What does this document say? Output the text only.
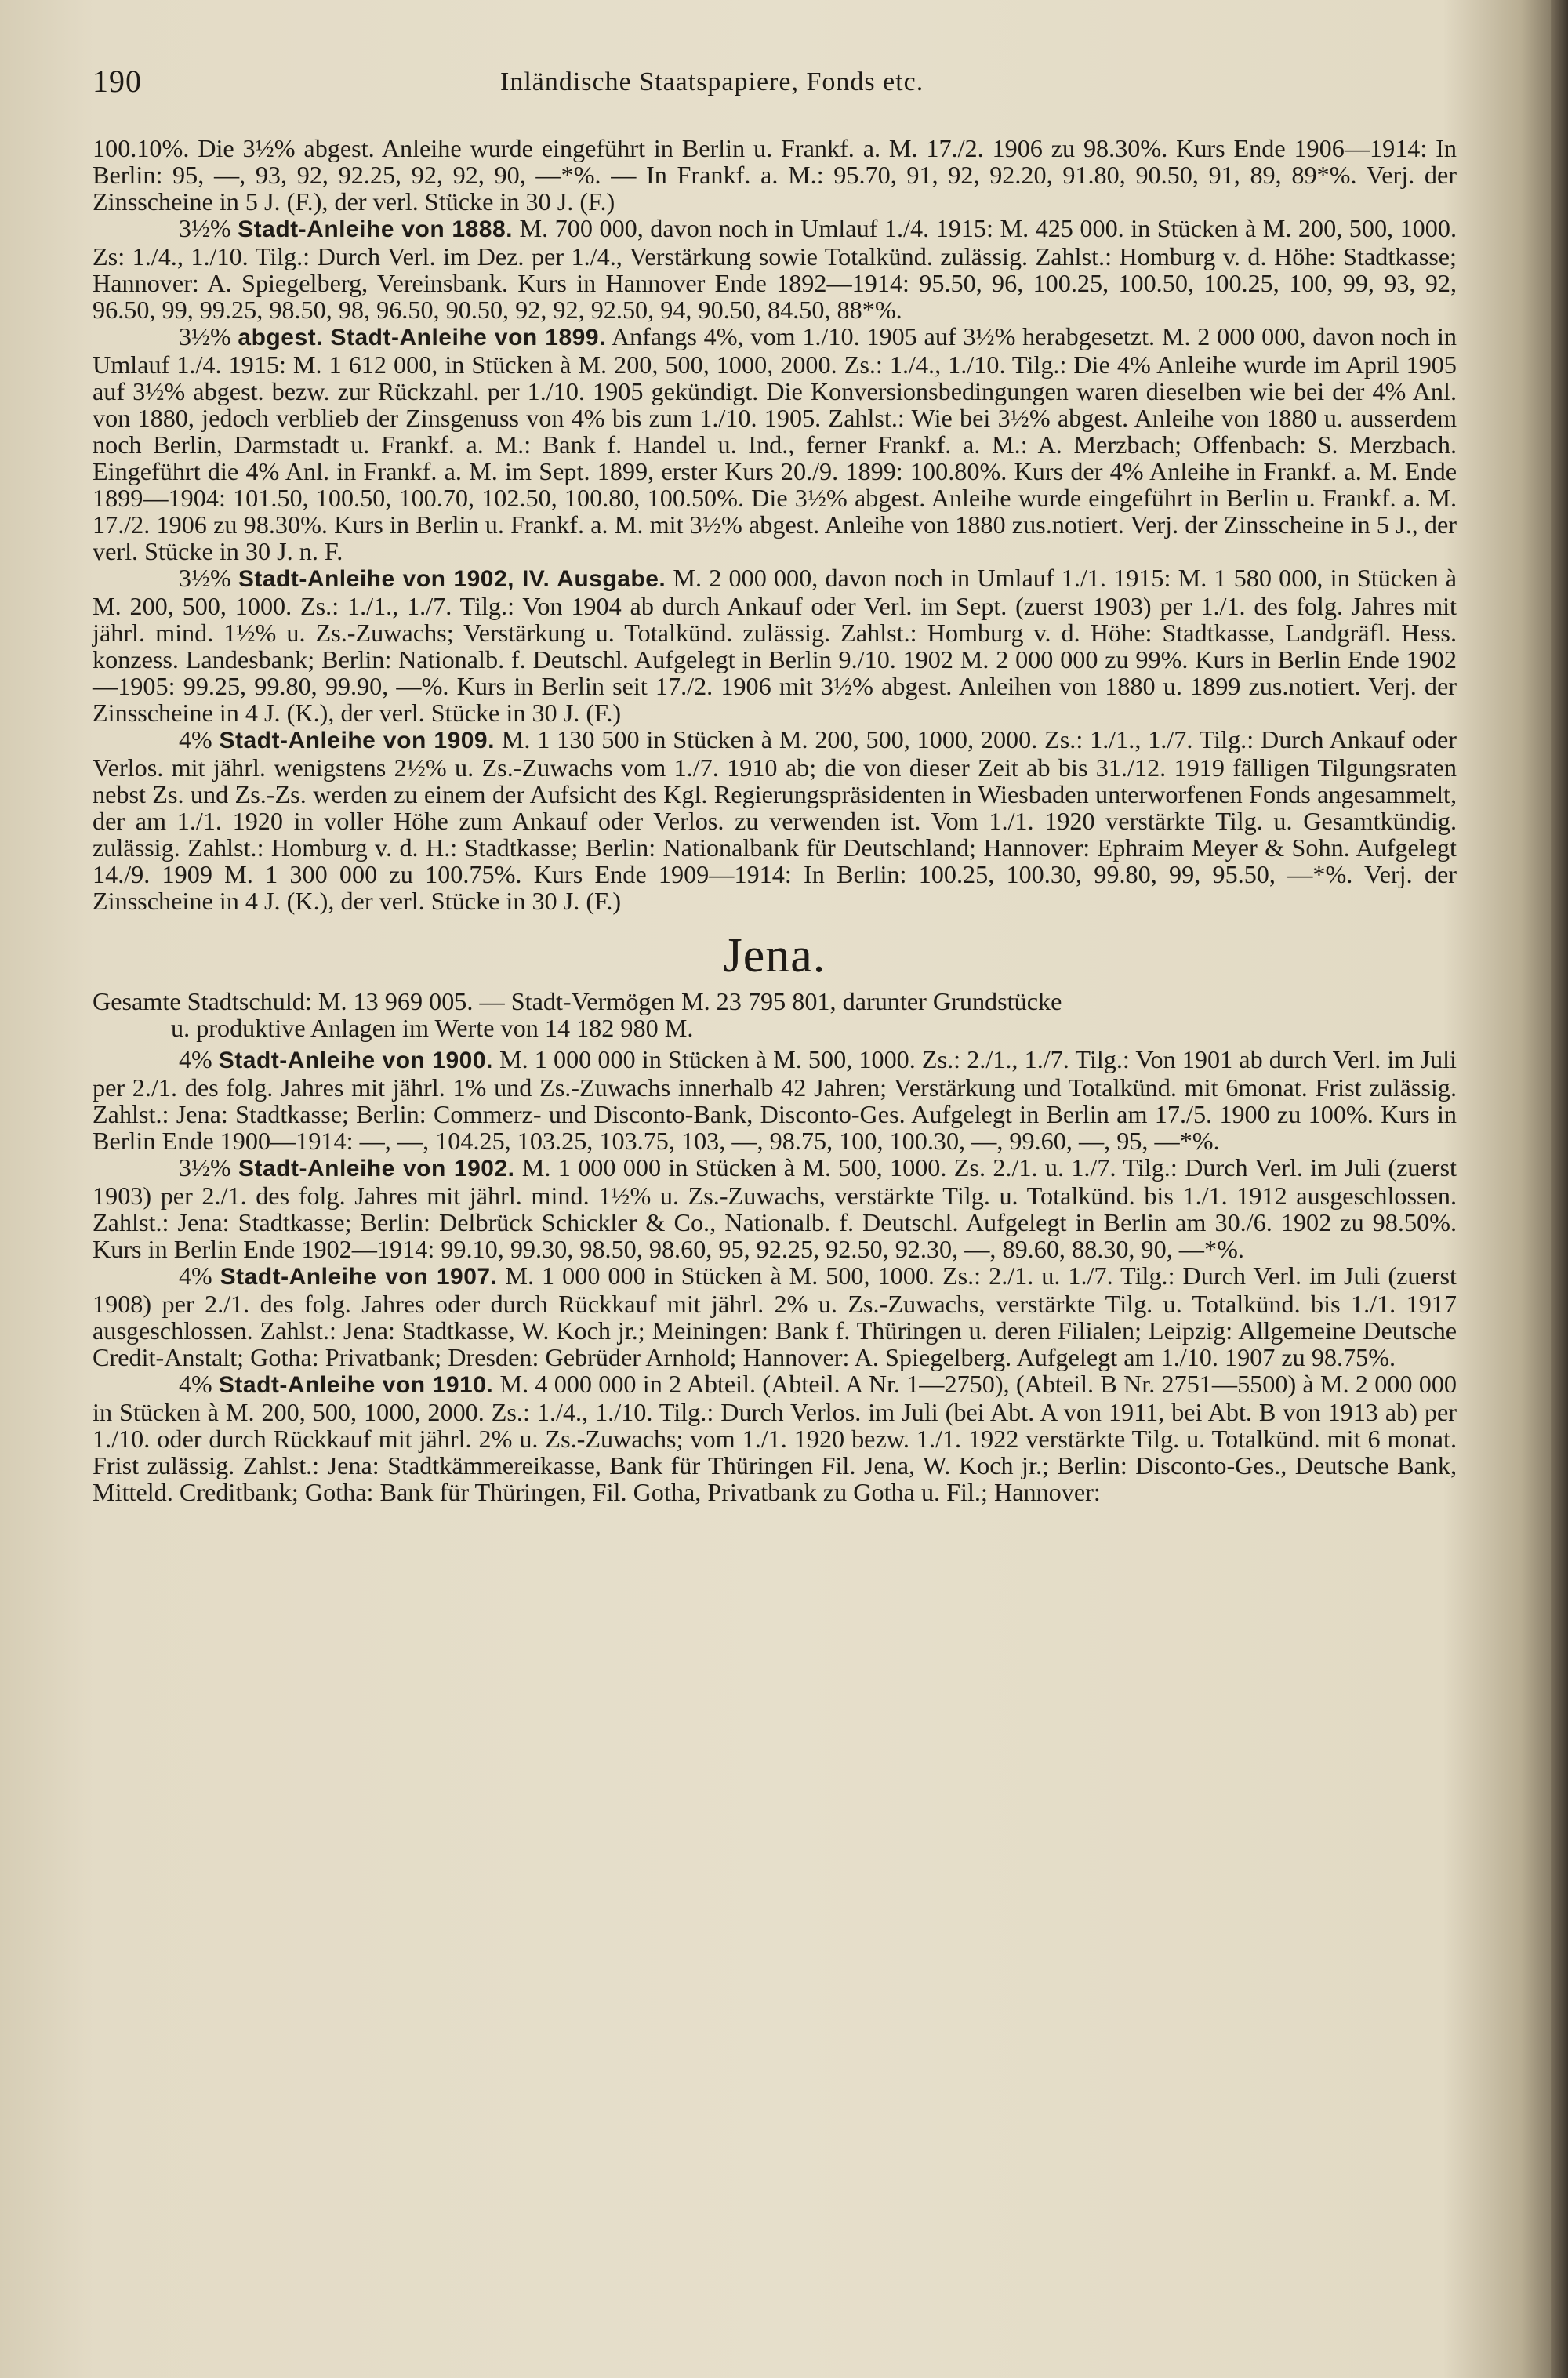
190	Inländische Staatspapiere, Fonds etc.

100.10%. Die 3½% abgest. Anleihe wurde eingeführt in Berlin u. Frankf. a. M. 17./2. 1906 zu 98.30%. Kurs Ende 1906—1914: In Berlin: 95, —, 93, 92, 92.25, 92, 92, 90, —*%. — In Frankf. a. M.: 95.70, 91, 92, 92.20, 91.80, 90.50, 91, 89, 89*%. Verj. der Zinsscheine in 5 J. (F.), der verl. Stücke in 30 J. (F.)

3½% Stadt-Anleihe von 1888. M. 700 000, davon noch in Umlauf 1./4. 1915: M. 425 000. in Stücken à M. 200, 500, 1000. Zs: 1./4., 1./10. Tilg.: Durch Verl. im Dez. per 1./4., Verstärkung sowie Totalkünd. zulässig. Zahlst.: Homburg v. d. Höhe: Stadtkasse; Hannover: A. Spiegelberg, Vereinsbank. Kurs in Hannover Ende 1892—1914: 95.50, 96, 100.25, 100.50, 100.25, 100, 99, 93, 92, 96.50, 99, 99.25, 98.50, 98, 96.50, 90.50, 92, 92, 92.50, 94, 90.50, 84.50, 88*%.

3½% abgest. Stadt-Anleihe von 1899. Anfangs 4%, vom 1./10. 1905 auf 3½% herabgesetzt. M. 2 000 000, davon noch in Umlauf 1./4. 1915: M. 1 612 000, in Stücken à M. 200, 500, 1000, 2000. Zs.: 1./4., 1./10. Tilg.: Die 4% Anleihe wurde im April 1905 auf 3½% abgest. bezw. zur Rückzahl. per 1./10. 1905 gekündigt. Die Konversionsbedingungen waren dieselben wie bei der 4% Anl. von 1880, jedoch verblieb der Zinsgenuss von 4% bis zum 1./10. 1905. Zahlst.: Wie bei 3½% abgest. Anleihe von 1880 u. ausserdem noch Berlin, Darmstadt u. Frankf. a. M.: Bank f. Handel u. Ind., ferner Frankf. a. M.: A. Merzbach; Offenbach: S. Merzbach. Eingeführt die 4% Anl. in Frankf. a. M. im Sept. 1899, erster Kurs 20./9. 1899: 100.80%. Kurs der 4% Anleihe in Frankf. a. M. Ende 1899—1904: 101.50, 100.50, 100.70, 102.50, 100.80, 100.50%. Die 3½% abgest. Anleihe wurde eingeführt in Berlin u. Frankf. a. M. 17./2. 1906 zu 98.30%. Kurs in Berlin u. Frankf. a. M. mit 3½% abgest. Anleihe von 1880 zus.notiert. Verj. der Zinsscheine in 5 J., der verl. Stücke in 30 J. n. F.

3½% Stadt-Anleihe von 1902, IV. Ausgabe. M. 2 000 000, davon noch in Umlauf 1./1. 1915: M. 1 580 000, in Stücken à M. 200, 500, 1000. Zs.: 1./1., 1./7. Tilg.: Von 1904 ab durch Ankauf oder Verl. im Sept. (zuerst 1903) per 1./1. des folg. Jahres mit jährl. mind. 1½% u. Zs.-Zuwachs; Verstärkung u. Totalkünd. zulässig. Zahlst.: Homburg v. d. Höhe: Stadtkasse, Landgräfl. Hess. konzess. Landesbank; Berlin: Nationalb. f. Deutschl. Aufgelegt in Berlin 9./10. 1902 M. 2 000 000 zu 99%. Kurs in Berlin Ende 1902—1905: 99.25, 99.80, 99.90, —%. Kurs in Berlin seit 17./2. 1906 mit 3½% abgest. Anleihen von 1880 u. 1899 zus.notiert. Verj. der Zinsscheine in 4 J. (K.), der verl. Stücke in 30 J. (F.)

4% Stadt-Anleihe von 1909. M. 1 130 500 in Stücken à M. 200, 500, 1000, 2000. Zs.: 1./1., 1./7. Tilg.: Durch Ankauf oder Verlos. mit jährl. wenigstens 2½% u. Zs.-Zuwachs vom 1./7. 1910 ab; die von dieser Zeit ab bis 31./12. 1919 fälligen Tilgungsraten nebst Zs. und Zs.-Zs. werden zu einem der Aufsicht des Kgl. Regierungspräsidenten in Wiesbaden unterworfenen Fonds angesammelt, der am 1./1. 1920 in voller Höhe zum Ankauf oder Verlos. zu verwenden ist. Vom 1./1. 1920 verstärkte Tilg. u. Gesamtkündig. zulässig. Zahlst.: Homburg v. d. H.: Stadtkasse; Berlin: Nationalbank für Deutschland; Hannover: Ephraim Meyer & Sohn. Aufgelegt 14./9. 1909 M. 1 300 000 zu 100.75%. Kurs Ende 1909—1914: In Berlin: 100.25, 100.30, 99.80, 99, 95.50, —*%. Verj. der Zinsscheine in 4 J. (K.), der verl. Stücke in 30 J. (F.)

Jena.

Gesamte Stadtschuld: M. 13 969 005. — Stadt-Vermögen M. 23 795 801, darunter Grundstücke

u. produktive Anlagen im Werte von 14 182 980 M.

4% Stadt-Anleihe von 1900. M. 1 000 000 in Stücken à M. 500, 1000. Zs.: 2./1., 1./7. Tilg.: Von 1901 ab durch Verl. im Juli per 2./1. des folg. Jahres mit jährl. 1% und Zs.-Zuwachs innerhalb 42 Jahren; Verstärkung und Totalkünd. mit 6monat. Frist zulässig. Zahlst.: Jena: Stadtkasse; Berlin: Commerz- und Disconto-Bank, Disconto-Ges. Aufgelegt in Berlin am 17./5. 1900 zu 100%. Kurs in Berlin Ende 1900—1914: —, —, 104.25, 103.25, 103.75, 103, —, 98.75, 100, 100.30, —, 99.60, —, 95, —*%.

3½% Stadt-Anleihe von 1902. M. 1 000 000 in Stücken à M. 500, 1000. Zs. 2./1. u. 1./7. Tilg.: Durch Verl. im Juli (zuerst 1903) per 2./1. des folg. Jahres mit jährl. mind. 1½% u. Zs.-Zuwachs, verstärkte Tilg. u. Totalkünd. bis 1./1. 1912 ausgeschlossen. Zahlst.: Jena: Stadtkasse; Berlin: Delbrück Schickler & Co., Nationalb. f. Deutschl. Aufgelegt in Berlin am 30./6. 1902 zu 98.50%. Kurs in Berlin Ende 1902—1914: 99.10, 99.30, 98.50, 98.60, 95, 92.25, 92.50, 92.30, —, 89.60, 88.30, 90, —*%.

4% Stadt-Anleihe von 1907. M. 1 000 000 in Stücken à M. 500, 1000. Zs.: 2./1. u. 1./7. Tilg.: Durch Verl. im Juli (zuerst 1908) per 2./1. des folg. Jahres oder durch Rückkauf mit jährl. 2% u. Zs.-Zuwachs, verstärkte Tilg. u. Totalkünd. bis 1./1. 1917 ausgeschlossen. Zahlst.: Jena: Stadtkasse, W. Koch jr.; Meiningen: Bank f. Thüringen u. deren Filialen; Leipzig: Allgemeine Deutsche Credit-Anstalt; Gotha: Privatbank; Dresden: Gebrüder Arnhold; Hannover: A. Spiegelberg. Aufgelegt am 1./10. 1907 zu 98.75%.

4% Stadt-Anleihe von 1910. M. 4 000 000 in 2 Abteil. (Abteil. A Nr. 1—2750), (Abteil. B Nr. 2751—5500) à M. 2 000 000 in Stücken à M. 200, 500, 1000, 2000. Zs.: 1./4., 1./10. Tilg.: Durch Verlos. im Juli (bei Abt. A von 1911, bei Abt. B von 1913 ab) per 1./10. oder durch Rückkauf mit jährl. 2% u. Zs.-Zuwachs; vom 1./1. 1920 bezw. 1./1. 1922 verstärkte Tilg. u. Totalkünd. mit 6 monat. Frist zulässig. Zahlst.: Jena: Stadtkämmereikasse, Bank für Thüringen Fil. Jena, W. Koch jr.; Berlin: Disconto-Ges., Deutsche Bank, Mitteld. Creditbank; Gotha: Bank für Thüringen, Fil. Gotha, Privatbank zu Gotha u. Fil.; Hannover:
